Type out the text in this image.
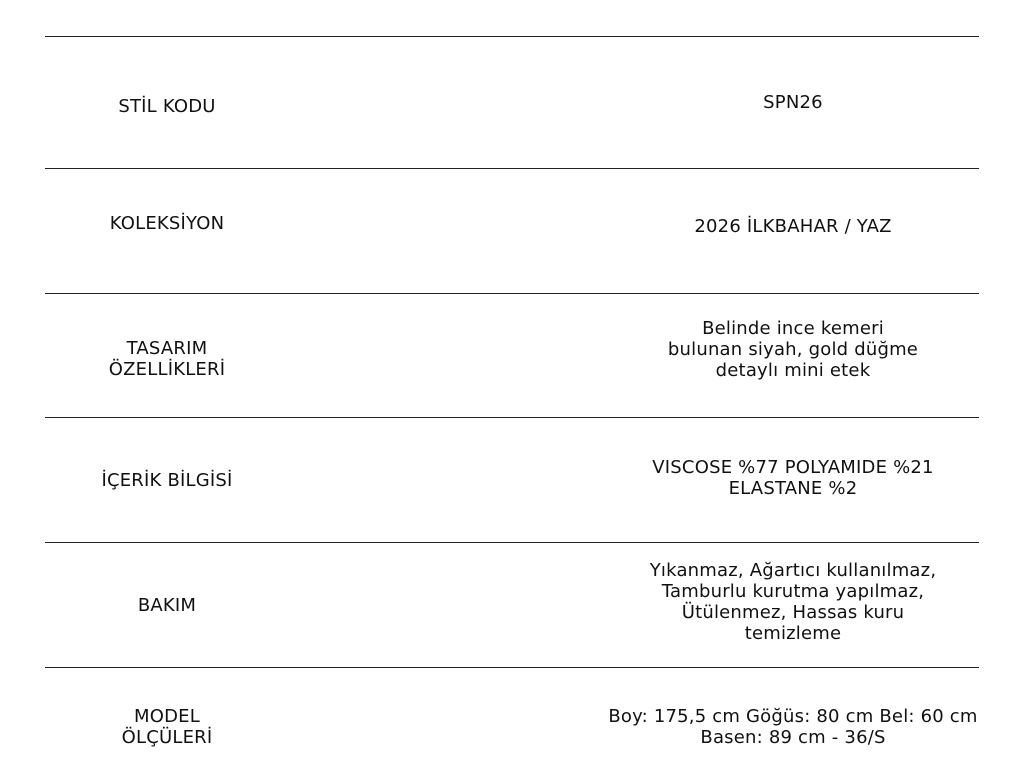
STİL KODU	SPN26
KOLEKSİYON	2026 İLKBAHAR / YAZ
TASARIM
ÖZELLİKLERİ
Belinde ince kemeri
bulunan siyah, gold düğme
detaylı mini etek
İÇERİK BİLGİSİ
VISCOSE %77 POLYAMIDE %21
ELASTANE %2
BAKIM
Yıkanmaz, Ağartıcı kullanılmaz,
Tamburlu kurutma yapılmaz,
Ütülenmez, Hassas kuru
temizleme
MODEL
ÖLÇÜLERİ
Boy: 175,5 cm Göğüs: 80 cm Bel: 60 cm
Basen: 89 cm - 36/S
